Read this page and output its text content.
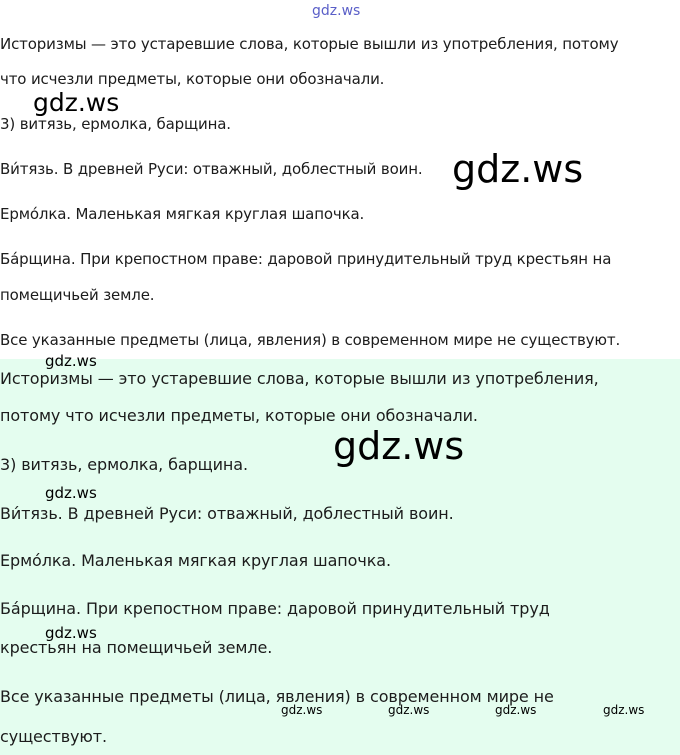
gdz.ws
Историзмы — это устаревшие слова, которые вышли из употребления, потому
что исчезли предметы, которые они обозначали.
3) витязь, ермолка, барщина.
Ви́тязь. В древней Руси: отважный, доблестный воин.
Ермо́лка. Маленькая мягкая круглая шапочка.
Ба́рщина. При крепостном праве: даровой принудительный труд крестьян на
помещичьей земле.
Все указанные предметы (лица, явления) в современном мире не существуют.
Историзмы — это устаревшие слова, которые вышли из употребления,
потому что исчезли предметы, которые они обозначали.
3) витязь, ермолка, барщина.
Ви́тязь. В древней Руси: отважный, доблестный воин.
Ермо́лка. Маленькая мягкая круглая шапочка.
Ба́рщина. При крепостном праве: даровой принудительный труд
крестьян на помещичьей земле.
Все указанные предметы (лица, явления) в современном мире не
существуют.
gdz.ws
gdz.ws
gdz.ws
gdz.ws
gdz.ws
gdz.ws
gdz.ws	gdz.ws	gdz.ws	gdz.ws
